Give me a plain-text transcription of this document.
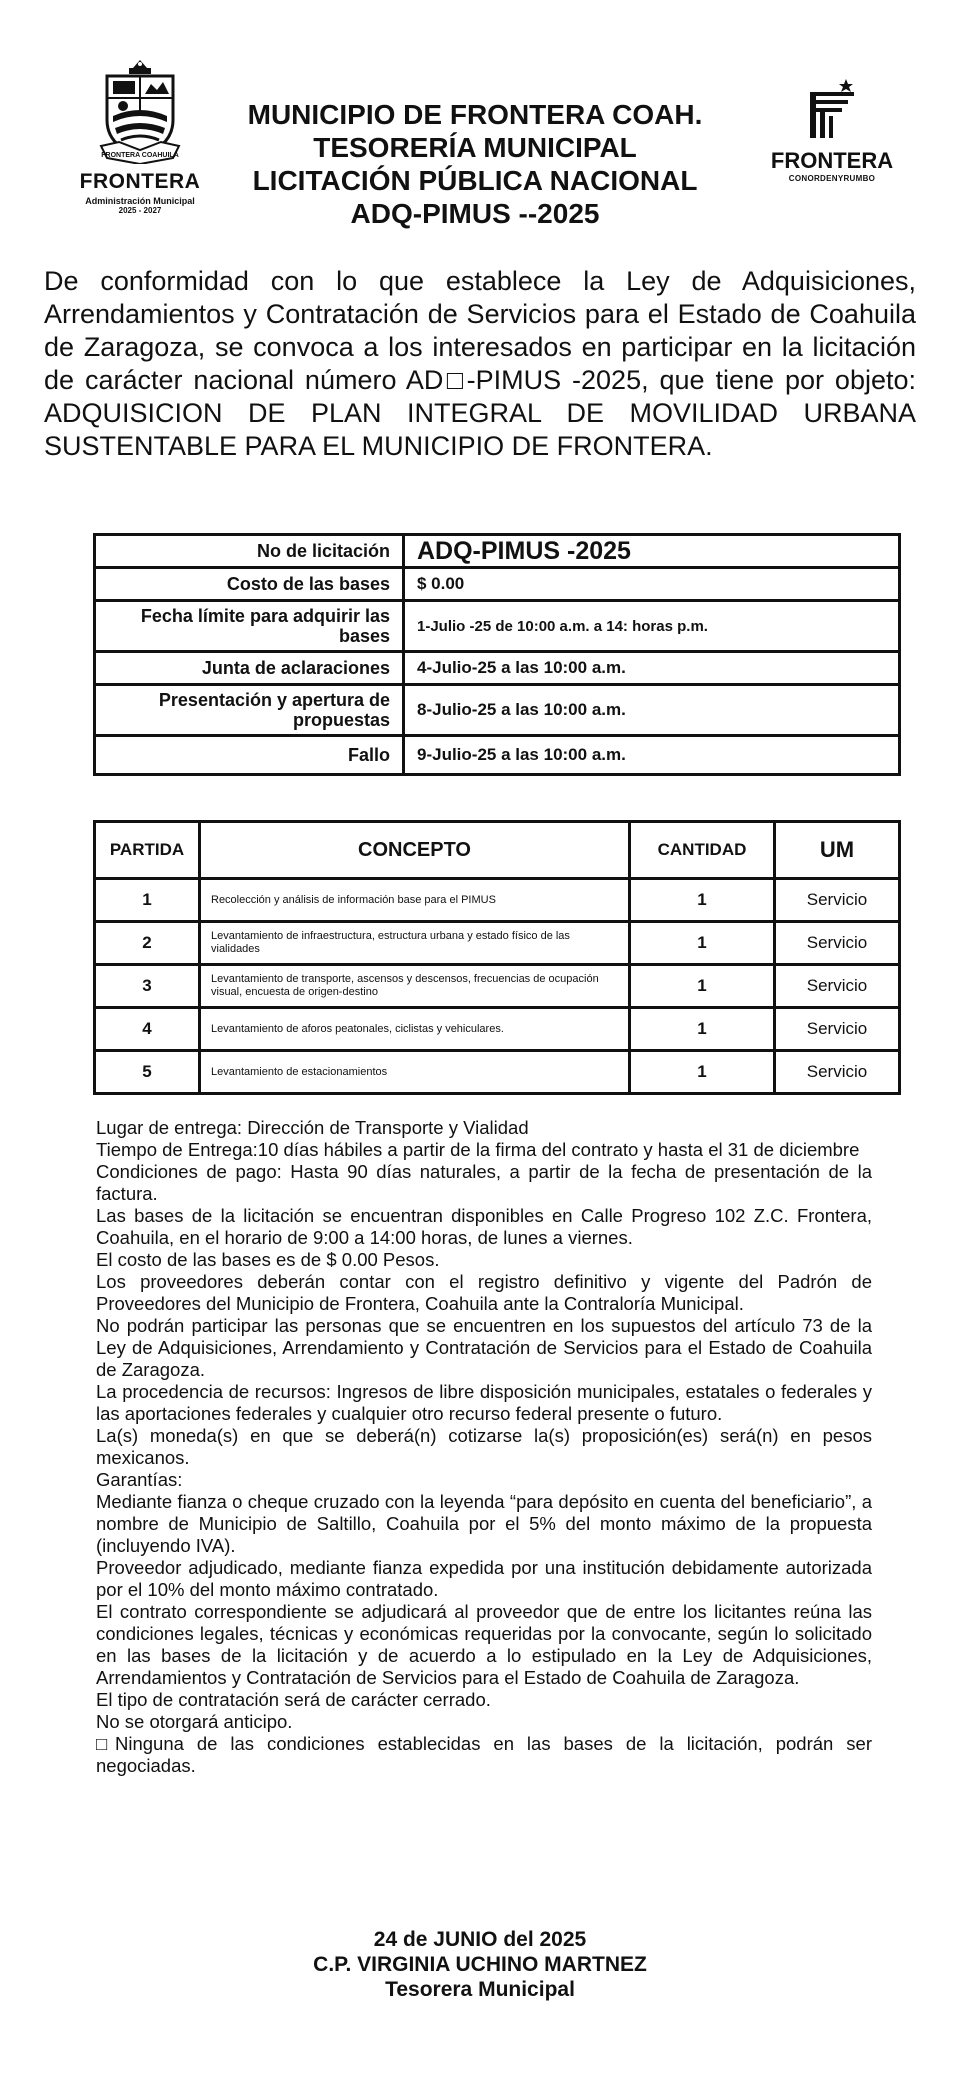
FRONTERA COAHUILA
FRONTERA
Administración Municipal
2025 - 2027
MUNICIPIO DE FRONTERA COAH.
TESORERÍA MUNICIPAL
LICITACIÓN PÚBLICA NACIONAL
ADQ-PIMUS --2025
FRONTERA
CONORDENYRUMBO
De conformidad con lo que establece la Ley de Adquisiciones, Arrendamientos y Contratación de Servicios para el Estado de Coahuila de Zaragoza, se convoca a los interesados en participar en la licitación de carácter nacional número AD□-PIMUS -2025, que tiene por objeto: ADQUISICION DE PLAN INTEGRAL DE MOVILIDAD URBANA SUSTENTABLE PARA EL MUNICIPIO DE FRONTERA.
No de licitación	ADQ-PIMUS -2025
Costo de las bases	$ 0.00
Fecha límite para adquirir las bases	1-Julio -25 de 10:00 a.m. a 14: horas p.m.
Junta de aclaraciones	4-Julio-25 a las 10:00 a.m.
Presentación y apertura de propuestas	8-Julio-25 a las 10:00 a.m.
Fallo	9-Julio-25 a las 10:00 a.m.
PARTIDA	CONCEPTO	CANTIDAD	UM
1	Recolección y análisis de información base para el PIMUS	1	Servicio
2	Levantamiento de infraestructura, estructura urbana y estado físico de las vialidades	1	Servicio
3	Levantamiento de transporte, ascensos y descensos, frecuencias de ocupación visual, encuesta de origen-destino	1	Servicio
4	Levantamiento de aforos peatonales, ciclistas y vehiculares.	1	Servicio
5	Levantamiento de estacionamientos	1	Servicio

Lugar de entrega: Dirección de Transporte y Vialidad

Tiempo de Entrega:10 días hábiles a partir de la firma del contrato y hasta el 31 de diciembre

Condiciones de pago: Hasta 90 días naturales, a partir de la fecha de presentación de la factura.

Las bases de la licitación se encuentran disponibles en Calle Progreso 102 Z.C. Frontera, Coahuila, en el horario de 9:00 a 14:00 horas, de lunes a viernes.

El costo de las bases es de $ 0.00 Pesos.

Los proveedores deberán contar con el registro definitivo y vigente del Padrón de Proveedores del Municipio de Frontera, Coahuila ante la Contraloría Municipal.

No podrán participar las personas que se encuentren en los supuestos del artículo 73 de la Ley de Adquisiciones, Arrendamiento y Contratación de Servicios para el Estado de Coahuila de Zaragoza.

La procedencia de recursos: Ingresos de libre disposición municipales, estatales o federales y las aportaciones federales y cualquier otro recurso federal presente o futuro.

La(s) moneda(s) en que se deberá(n) cotizarse la(s) proposición(es) será(n) en pesos mexicanos.

Garantías:

Mediante fianza o cheque cruzado con la leyenda “para depósito en cuenta del beneficiario”, a nombre de Municipio de Saltillo, Coahuila por el 5% del monto máximo de la propuesta (incluyendo IVA).

Proveedor adjudicado, mediante fianza expedida por una institución debidamente autorizada por el 10% del monto máximo contratado.

El contrato correspondiente se adjudicará al proveedor que de entre los licitantes reúna las condiciones legales, técnicas y económicas requeridas por la convocante, según lo solicitado en las bases de la licitación y de acuerdo a lo estipulado en la Ley de Adquisiciones, Arrendamientos y Contratación de Servicios para el Estado de Coahuila de Zaragoza.

El tipo de contratación será de carácter cerrado.

No se otorgará anticipo.

□Ninguna de las condiciones establecidas en las bases de la licitación, podrán ser negociadas.

24 de JUNIO del 2025
C.P. VIRGINIA UCHINO MARTNEZ
Tesorera Municipal
